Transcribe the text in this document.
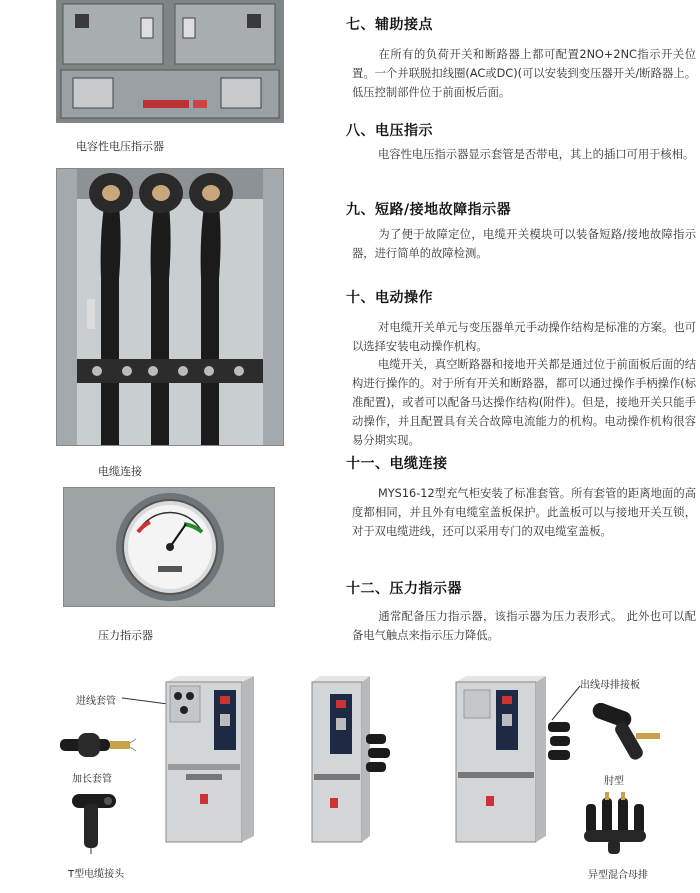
电容性电压指示器
电缆连接
压力指示器
七、辅助接点
在所有的负荷开关和断路器上都可配置2NO+2NC指示开关位置。一个并联脱扣线圈(AC或DC)(可以安装到变压器开关/断路器上。低压控制部件位于前面板后面。
八、电压指示
电容性电压指示器显示套管是否带电，其上的插口可用于核相。
九、短路/接地故障指示器
为了便于故障定位，电缆开关模块可以装备短路/接地故障指示器，进行简单的故障检测。
十、电动操作
对电缆开关单元与变压器单元手动操作结构是标准的方案。也可以选择安装电动操作机构。
电缆开关，真空断路器和接地开关都是通过位于前面板后面的结构进行操作的。对于所有开关和断路器，都可以通过操作手柄操作(标准配置)，或者可以配备马达操作结构(附件)。但是，接地开关只能手动操作，并且配置具有关合故障电流能力的机构。电动操作机构很容易分期实现。
十一、电缆连接
MYS16-12型充气柜安装了标准套管。所有套管的距离地面的高度都相同，并且外有电缆室盖板保护。此盖板可以与接地开关互锁，对于双电缆进线，还可以采用专门的双电缆室盖板。
十二、压力指示器
通常配备压力指示器，该指示器为压力表形式。 此外也可以配备电气触点来指示压力降低。
进线套管
加长套管
T型电缆接头
出线母排接板
肘型
异型混合母排
